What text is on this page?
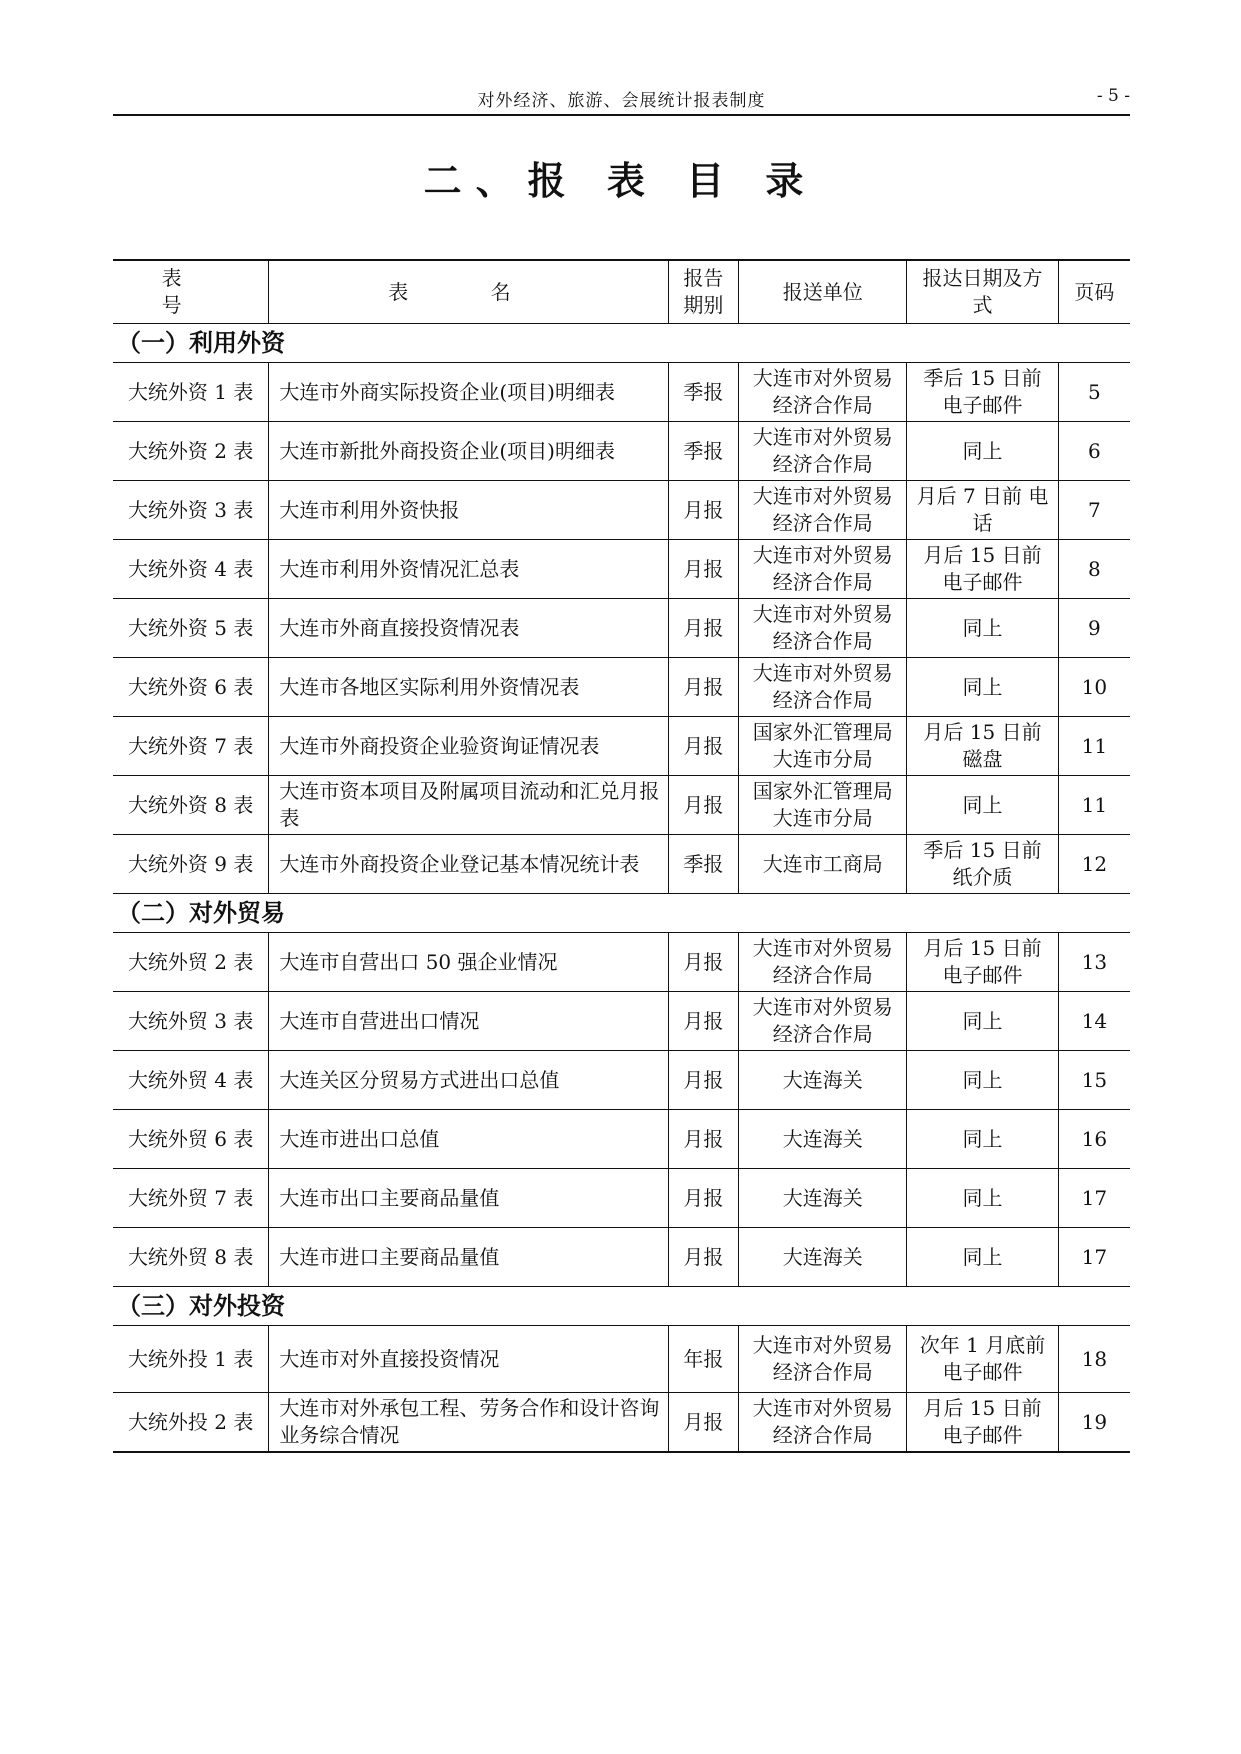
对外经济、旅游、会展统计报表制度	- 5 -
二、报 表 目 录
表 号	表 名	报告期别	报送单位	报达日期及方式	页码
（一）利用外资					
大统外资 1 表	大连市外商实际投资企业(项目)明细表	季报	大连市对外贸易经济合作局	季后 15 日前 电子邮件	5
大统外资 2 表	大连市新批外商投资企业(项目)明细表	季报	大连市对外贸易经济合作局	同上	6
大统外资 3 表	大连市利用外资快报	月报	大连市对外贸易经济合作局	月后 7 日前 电话	7
大统外资 4 表	大连市利用外资情况汇总表	月报	大连市对外贸易经济合作局	月后 15 日前 电子邮件	8
大统外资 5 表	大连市外商直接投资情况表	月报	大连市对外贸易经济合作局	同上	9
大统外资 6 表	大连市各地区实际利用外资情况表	月报	大连市对外贸易经济合作局	同上	10
大统外资 7 表	大连市外商投资企业验资询证情况表	月报	国家外汇管理局大连市分局	月后 15 日前 磁盘	11
大统外资 8 表	大连市资本项目及附属项目流动和汇兑月报表	月报	国家外汇管理局大连市分局	同上	11
大统外资 9 表	大连市外商投资企业登记基本情况统计表	季报	大连市工商局	季后 15 日前 纸介质	12
（二）对外贸易					
大统外贸 2 表	大连市自营出口 50 强企业情况	月报	大连市对外贸易经济合作局	月后 15 日前 电子邮件	13
大统外贸 3 表	大连市自营进出口情况	月报	大连市对外贸易经济合作局	同上	14
大统外贸 4 表	大连关区分贸易方式进出口总值	月报	大连海关	同上	15
大统外贸 6 表	大连市进出口总值	月报	大连海关	同上	16
大统外贸 7 表	大连市出口主要商品量值	月报	大连海关	同上	17
大统外贸 8 表	大连市进口主要商品量值	月报	大连海关	同上	17
（三）对外投资					
大统外投 1 表	大连市对外直接投资情况	年报	大连市对外贸易经济合作局	次年 1 月底前 电子邮件	18
大统外投 2 表	大连市对外承包工程、劳务合作和设计咨询业务综合情况	月报	大连市对外贸易经济合作局	月后 15 日前 电子邮件	19
